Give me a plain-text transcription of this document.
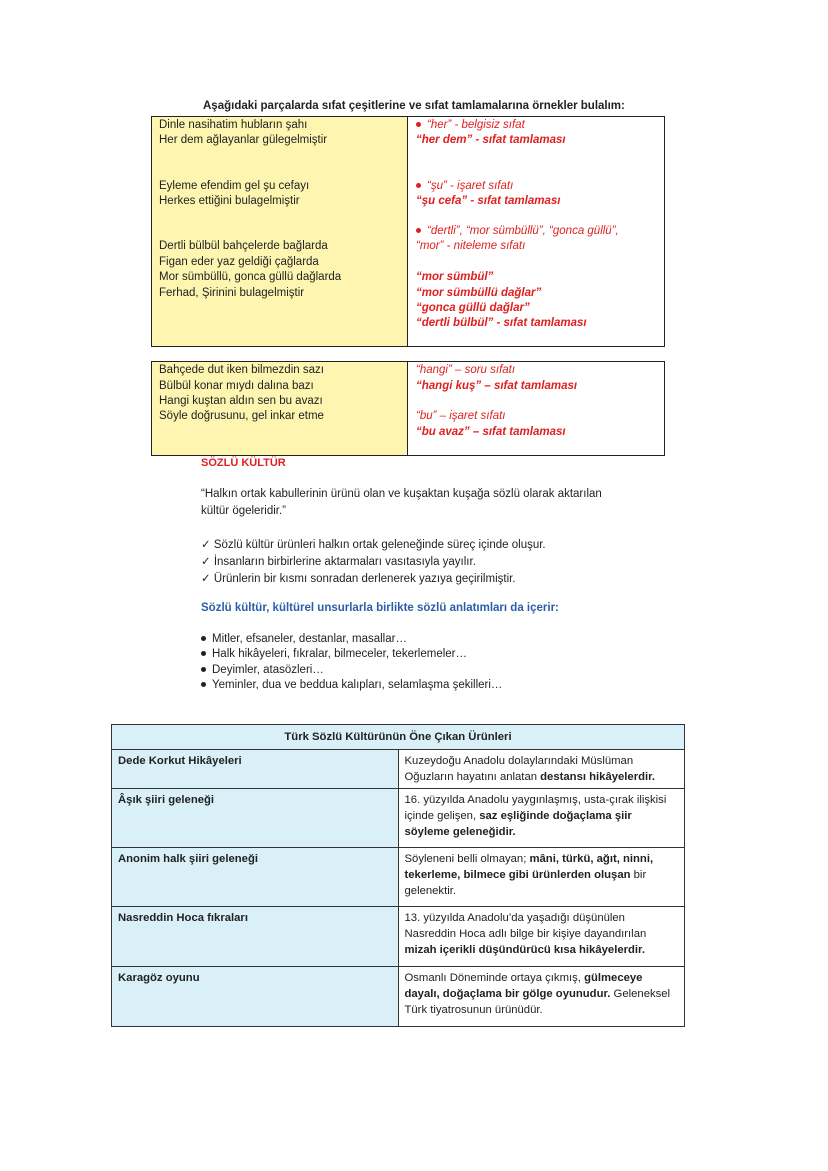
Aşağıdaki parçalarda sıfat çeşitlerine ve sıfat tamlamalarına örnekler bulalım:
Dinle nasihatim hubların şahı
Her dem ağlayanlar gülegelmiştir
Eyleme efendim gel şu cefayı
Herkes ettiğini bulagelmiştir
Dertli bülbül bahçelerde bağlarda
Figan eder yaz geldiği çağlarda
Mor sümbüllü, gonca güllü dağlarda
Ferhad, Şirinini bulagelmiştir

“her” - belgisiz sıfat
“her dem” - sıfat tamlaması
“şu” - işaret sıfatı
“şu cefa” - sıfat tamlaması
“dertli”, “mor sümbüllü”, “gonca güllü”,
“mor” - niteleme sıfatı
“mor sümbül”
“mor sümbüllü dağlar”
“gonca güllü dağlar”
“dertli bülbül” - sıfat tamlaması
Bahçede dut iken bilmezdin sazı
Bülbül konar mıydı dalına bazı
Hangi kuştan aldın sen bu avazı
Söyle doğrusunu, gel inkar etme

“hangi” – soru sıfatı
“hangi kuş” – sıfat tamlaması
“bu” – işaret sıfatı
“bu avaz” – sıfat tamlaması
SÖZLÜ KÜLTÜR
“Halkın ortak kabullerinin ürünü olan ve kuşaktan kuşağa sözlü olarak aktarılan
kültür ögeleridir.”
✓ Sözlü kültür ürünleri halkın ortak geleneğinde süreç içinde oluşur.
✓ İnsanların birbirlerine aktarmaları vasıtasıyla yayılır.
✓ Ürünlerin bir kısmı sonradan derlenerek yazıya geçirilmiştir.
Sözlü kültür, kültürel unsurlarla birlikte sözlü anlatımları da içerir:
Mitler, efsaneler, destanlar, masallar…
Halk hikâyeleri, fıkralar, bilmeceler, tekerlemeler…
Deyimler, atasözleri…
Yeminler, dua ve beddua kalıpları, selamlaşma şekilleri…
Türk Sözlü Kültürünün Öne Çıkan Ürünleri	
Dede Korkut Hikâyeleri	Kuzeydoğu Anadolu dolaylarındaki Müslüman Oğuzların hayatını anlatan destansı hikâyelerdir.
Âşık şiiri geleneği	16. yüzyılda Anadolu yaygınlaşmış, usta-çırak ilişkisi içinde gelişen, saz eşliğinde doğaçlama şiir söyleme geleneğidir.
Anonim halk şiiri geleneği	Söyleneni belli olmayan; mâni, türkü, ağıt, ninni, tekerleme, bilmece gibi ürünlerden oluşan bir gelenektir.
Nasreddin Hoca fıkraları	13. yüzyılda Anadolu’da yaşadığı düşünülen Nasreddin Hoca adlı bilge bir kişiye dayandırılan mizah içerikli düşündürücü kısa hikâyelerdir.
Karagöz oyunu	Osmanlı Döneminde ortaya çıkmış, gülmeceye dayalı, doğaçlama bir gölge oyunudur. Geleneksel Türk tiyatrosunun ürünüdür.
